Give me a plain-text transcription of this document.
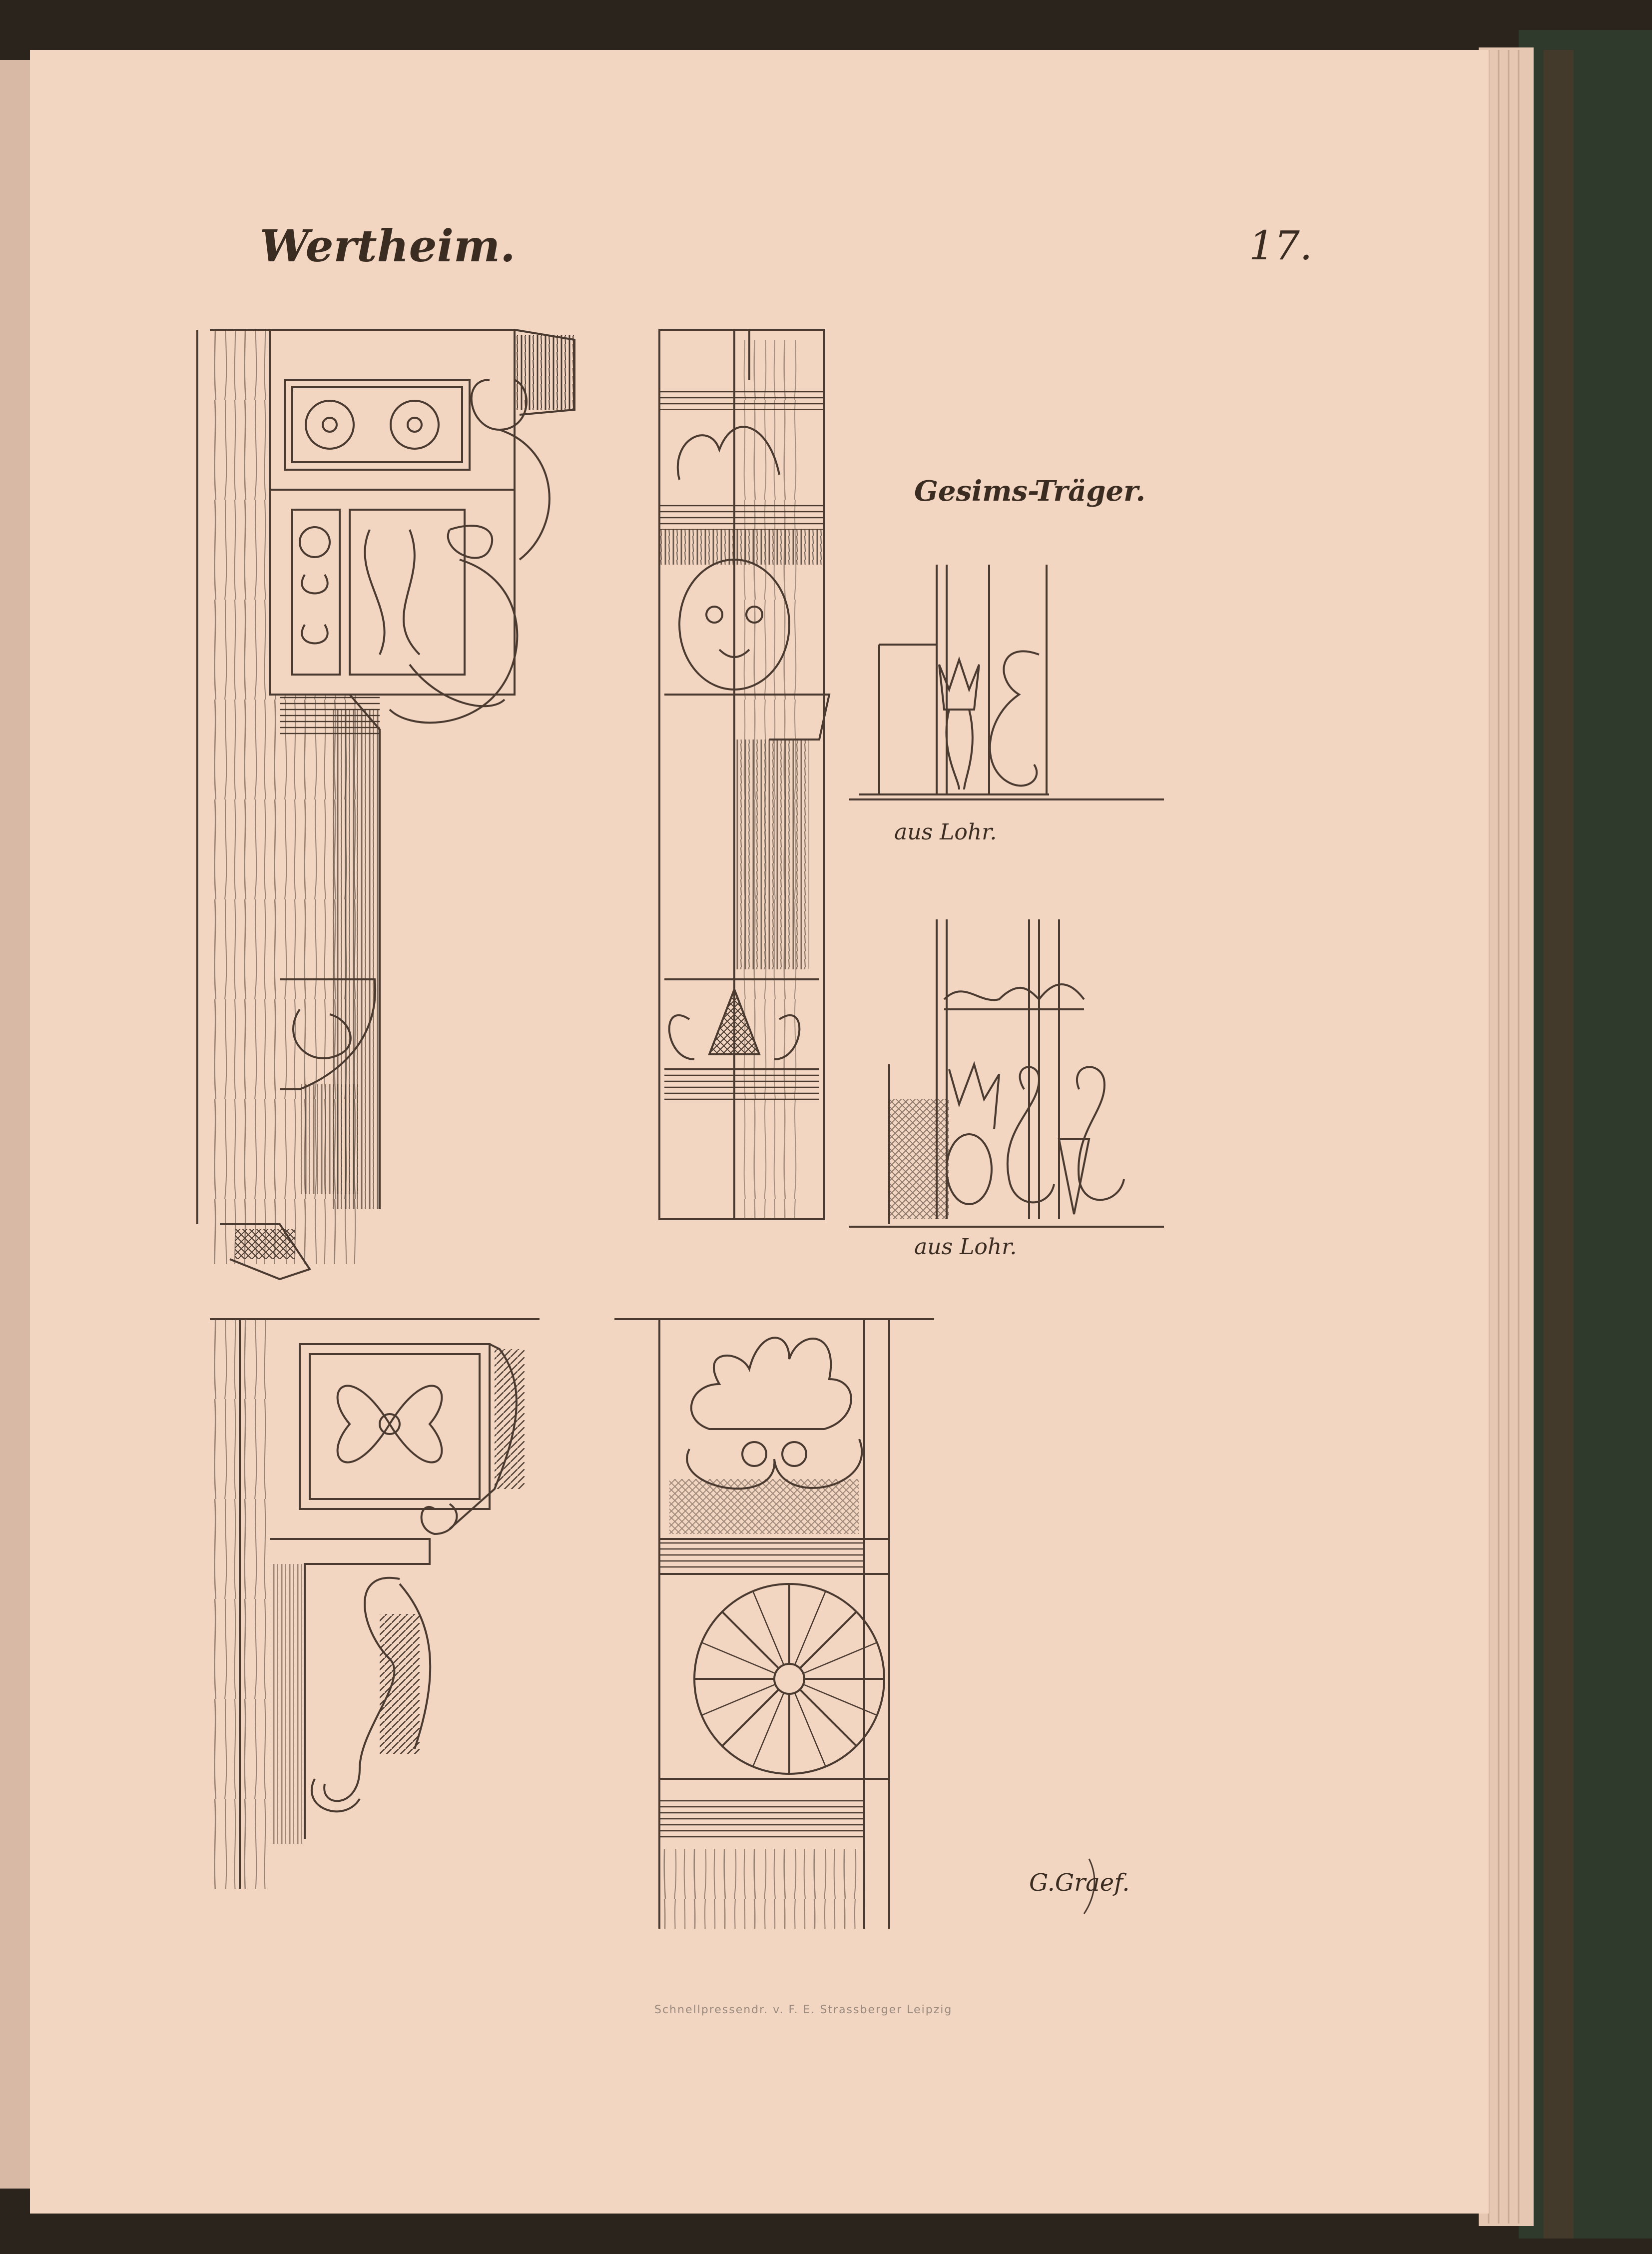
Wertheim.	17.
Gesims-Träger.
aus Lohr.
aus Lohr.
G.Graef.
Schnellpressendr. v. F. E. Strassberger Leipzig
